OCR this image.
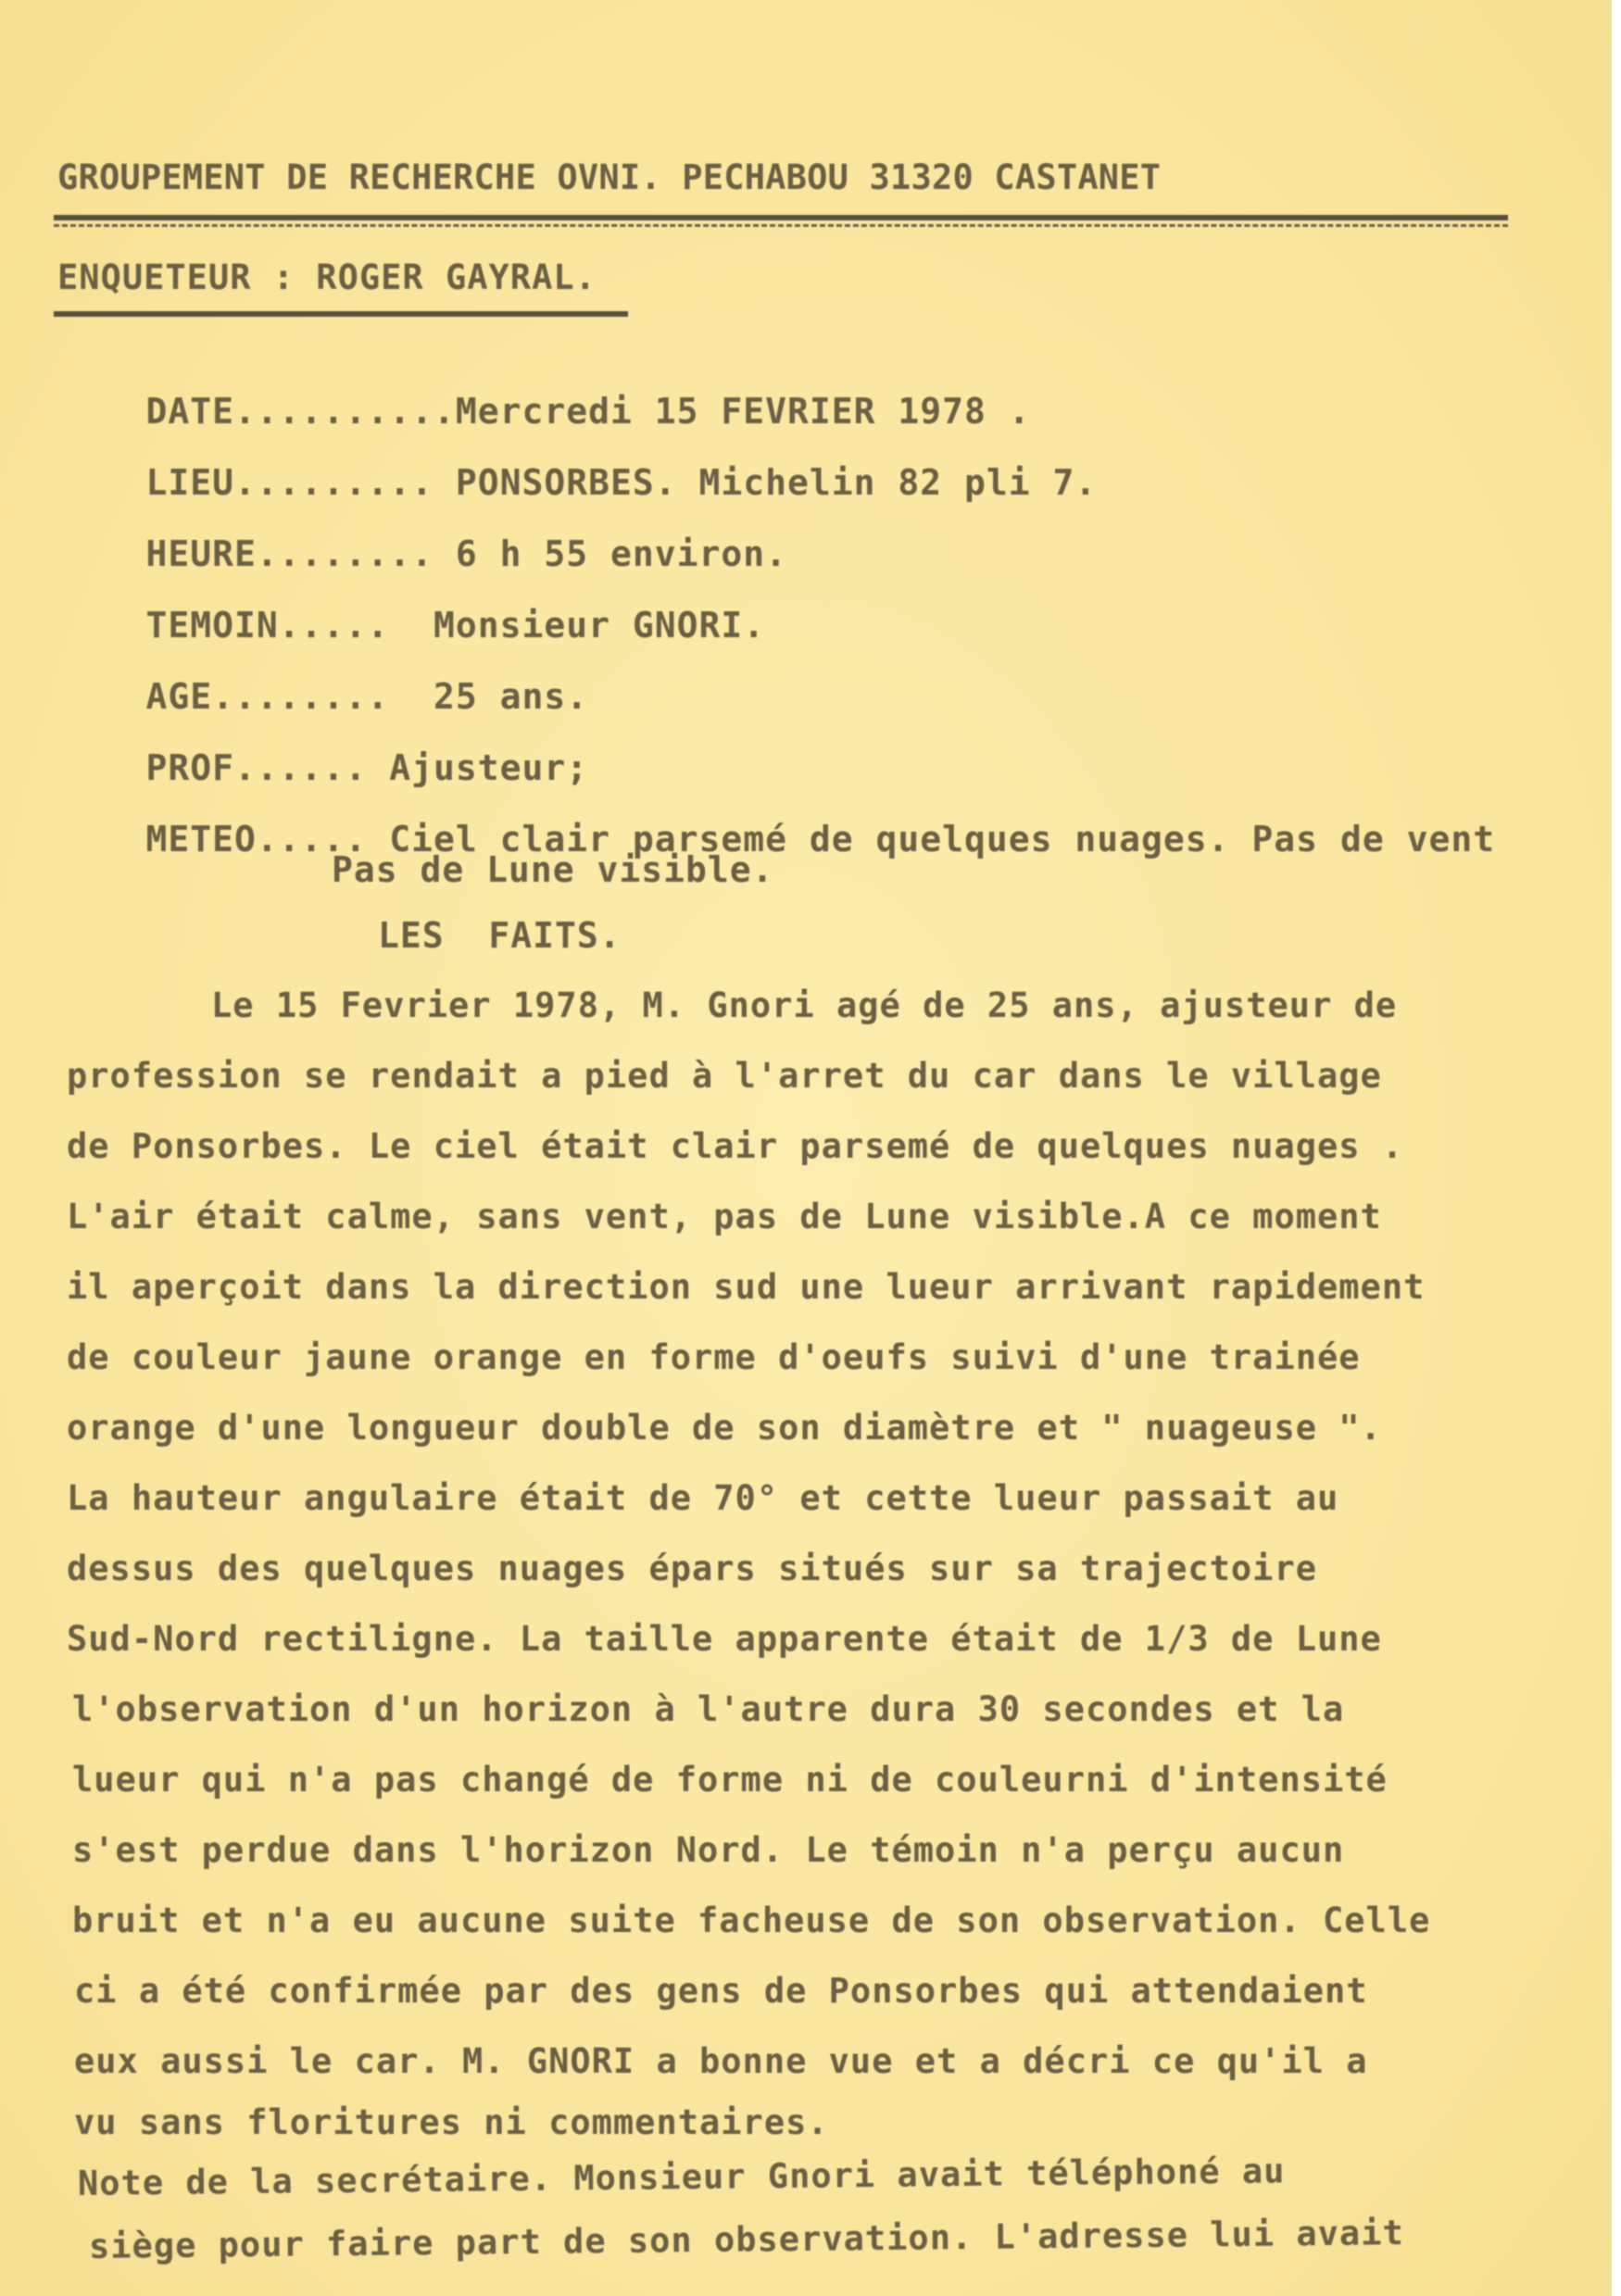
GROUPEMENT DE RECHERCHE OVNI. PECHABOU 31320 CASTANET
ENQUETEUR : ROGER GAYRAL.

DATE..........Mercredi 15 FEVRIER 1978 .

LIEU......... PONSORBES. Michelin 82 pli 7.

HEURE........ 6 h 55 environ.

TEMOIN.....  Monsieur GNORI.

AGE........  25 ans.

PROF...... Ajusteur;

METEO..... Ciel clair parsemé de quelques nuages. Pas de vent

Pas de Lune visible.
LES  FAITS.
Le 15 Fevrier 1978, M. Gnori agé de 25 ans, ajusteur de
profession se rendait a pied à l'arret du car dans le village
de Ponsorbes. Le ciel était clair parsemé de quelques nuages .
L'air était calme, sans vent, pas de Lune visible.A ce moment
il aperçoit dans la direction sud une lueur arrivant rapidement
de couleur jaune orange en forme d'oeufs suivi d'une trainée
orange d'une longueur double de son diamètre et " nuageuse ".
La hauteur angulaire était de 70° et cette lueur passait au
dessus des quelques nuages épars situés sur sa trajectoire
Sud-Nord rectiligne. La taille apparente était de 1/3 de Lune
l'observation d'un horizon à l'autre dura 30 secondes et la
lueur qui n'a pas changé de forme ni de couleurni d'intensité
s'est perdue dans l'horizon Nord. Le témoin n'a perçu aucun
bruit et n'a eu aucune suite facheuse de son observation. Celle
ci a été confirmée par des gens de Ponsorbes qui attendaient
eux aussi le car. M. GNORI a bonne vue et a décri ce qu'il a
vu sans floritures ni commentaires.
Note de la secrétaire. Monsieur Gnori avait téléphoné au
siège pour faire part de son observation. L'adresse lui avait
